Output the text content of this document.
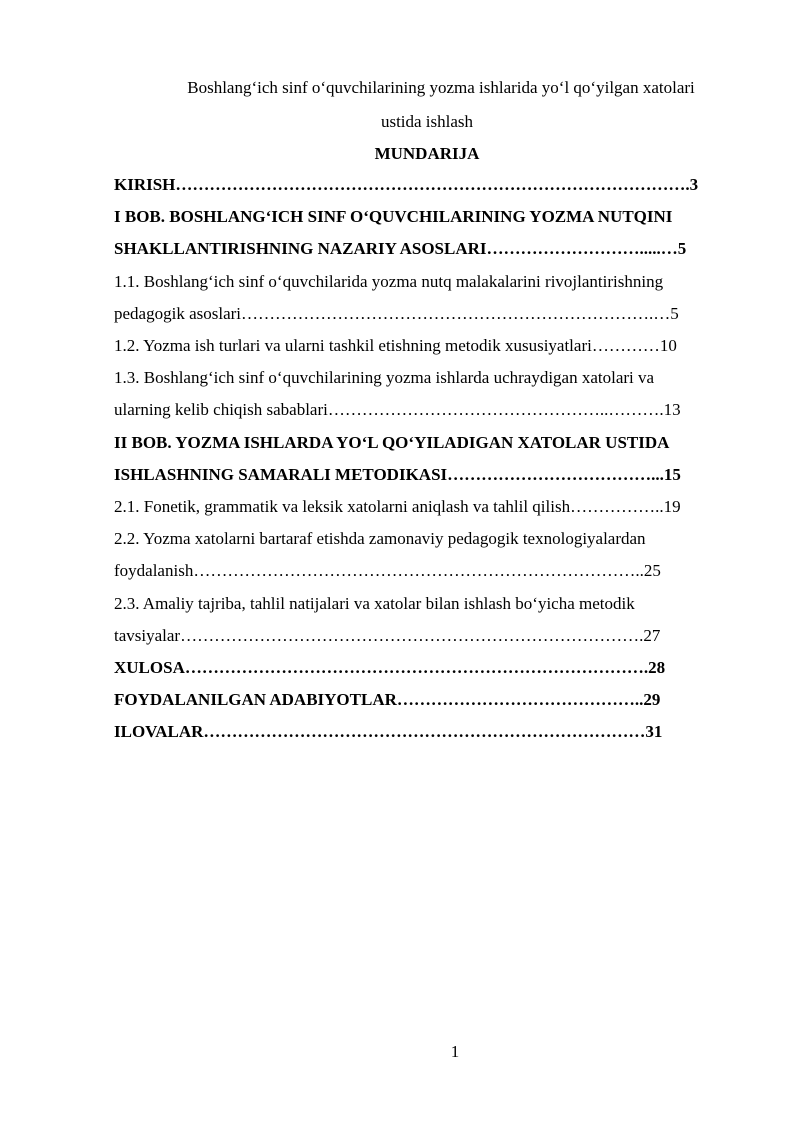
Boshlang‘ich sinf o‘quvchilarining yozma ishlarida yo‘l qo‘yilgan xatolari
ustida ishlash
MUNDARIJA
KIRISH……………………………………………………………………………….3
I BOB. BOSHLANG‘ICH SINF O‘QUVCHILARINING YOZMA NUTQINI
SHAKLLANTIRISHNING NAZARIY ASOSLARI……………………….....…5
1.1. Boshlang‘ich sinf o‘quvchilarida yozma nutq malakalarini rivojlantirishning
pedagogik asoslari……………………………………………………………….…5
1.2. Yozma ish turlari va ularni tashkil etishning metodik xususiyatlari…………10
1.3. Boshlang‘ich sinf o‘quvchilarining yozma ishlarda uchraydigan xatolari va
ularning kelib chiqish sabablari…………………………………………..……….13
II BOB. YOZMA ISHLARDA YO‘L QO‘YILADIGAN XATOLAR USTIDA
ISHLASHNING SAMARALI METODIKASI………………………………...15
2.1. Fonetik, grammatik va leksik xatolarni aniqlash va tahlil qilish……………..19
2.2. Yozma xatolarni bartaraf etishda zamonaviy pedagogik texnologiyalardan
foydalanish……………………………………………………………………..25
2.3. Amaliy tajriba, tahlil natijalari va xatolar bilan ishlash bo‘yicha metodik
tavsiyalar……………………………………………………………………….27
XULOSA……………………………………………………………………….28
FOYDALANILGAN ADABIYOTLAR……………………………………..29
ILOVALAR……………………………………………………………………31
1
